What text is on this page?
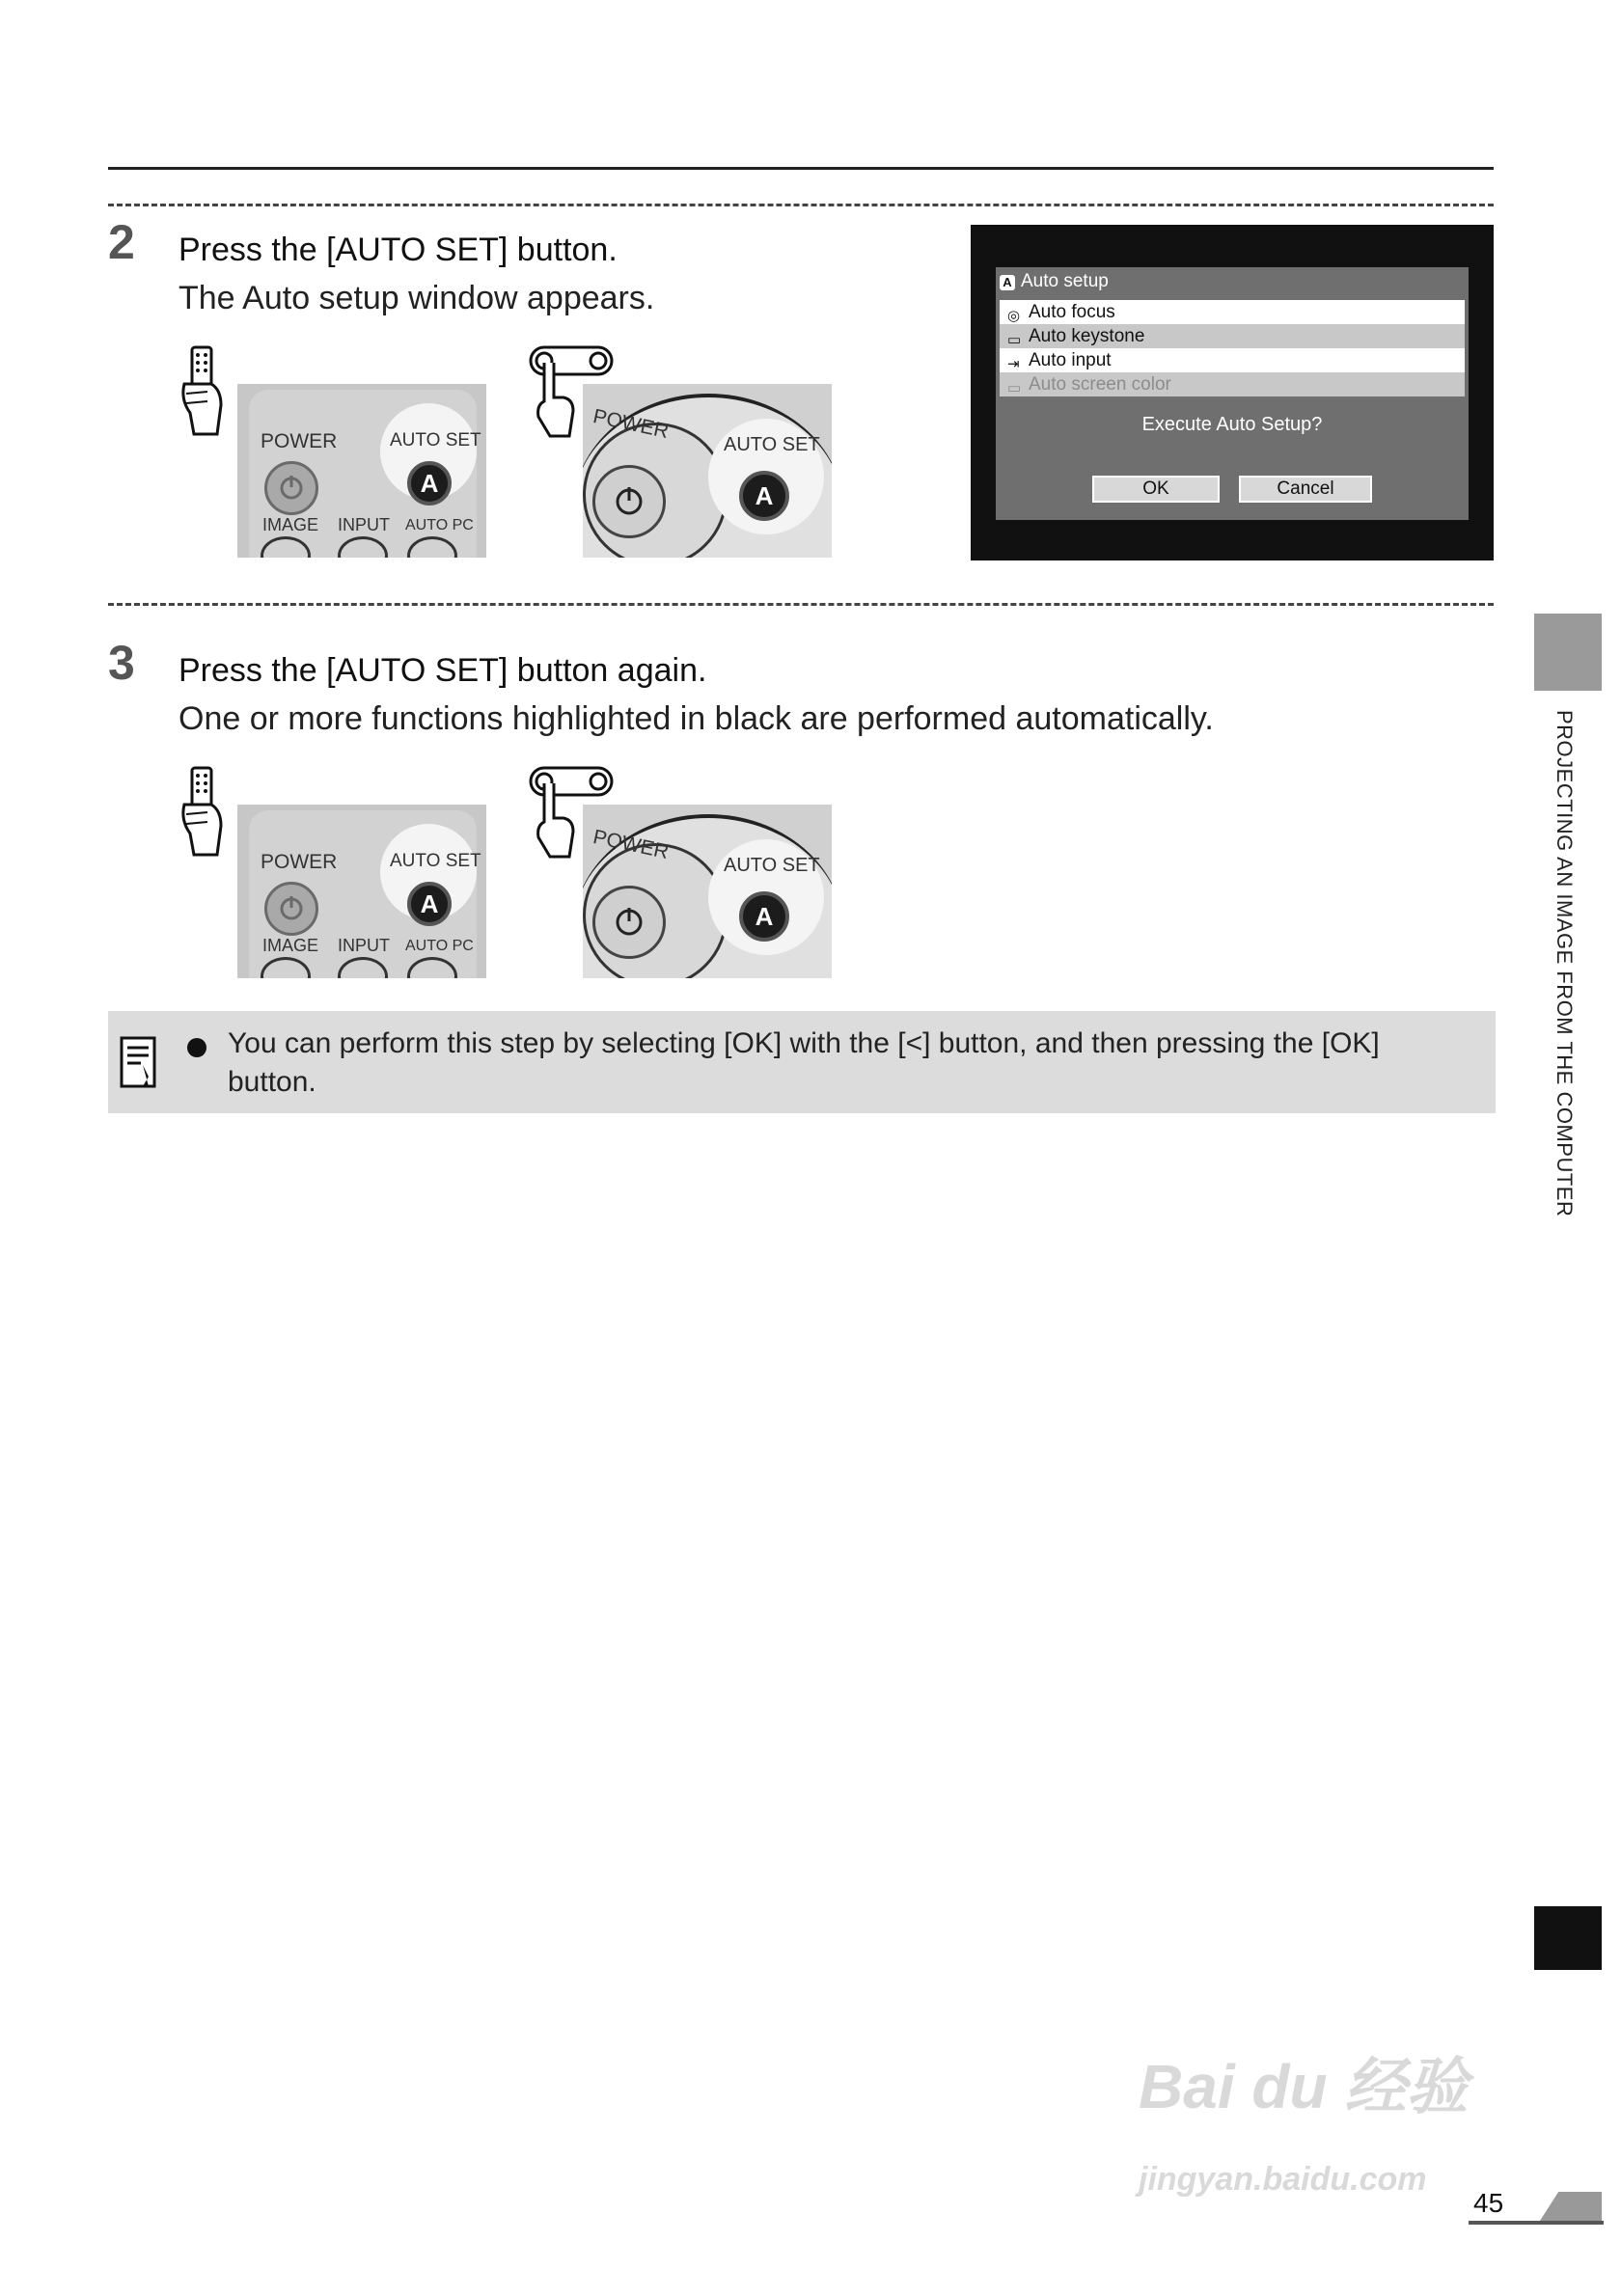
2 Press the [AUTO SET] button.
The Auto setup window appears.
POWER	AUTO SET
A
IMAGE INPUT AUTO PC
POWER
AUTO SET
A
A Auto setup
◎ Auto focus
▭ Auto keystone
⇥ Auto input
▭ Auto screen color
Execute Auto Setup?
OK	Cancel
3 Press the [AUTO SET] button again.
One or more functions highlighted in black are performed automatically.
POWER	AUTO SET
A
IMAGE INPUT AUTO PC
POWER
AUTO SET
A
You can perform this step by selecting [OK] with the [<] button, and then pressing the [OK] button.	PROJECTING AN IMAGE FROM THE COMPUTER
Bai du 经验
jingyan.baidu.com
45
